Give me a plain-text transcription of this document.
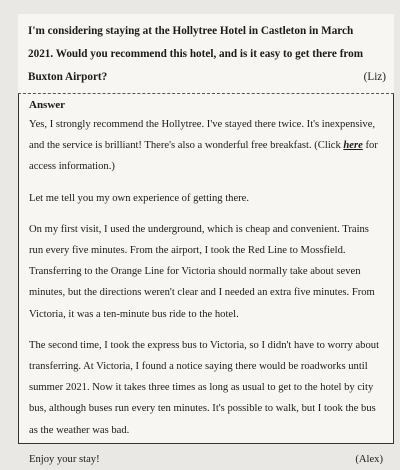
I'm considering staying at the Hollytree Hotel in Castleton in March
2021. Would you recommend this hotel, and is it easy to get there from
Buxton Airport?	(Liz)
Answer

Yes, I strongly recommend the Hollytree. I've stayed there twice. It's inexpensive, and the service is brilliant! There's also a wonderful free breakfast. (Click here for access information.)

Let me tell you my own experience of getting there.

On my first visit, I used the underground, which is cheap and convenient. Trains run every five minutes. From the airport, I took the Red Line to Mossfield. Transferring to the Orange Line for Victoria should normally take about seven minutes, but the directions weren't clear and I needed an extra five minutes. From Victoria, it was a ten-minute bus ride to the hotel.

The second time, I took the express bus to Victoria, so I didn't have to worry about transferring. At Victoria, I found a notice saying there would be roadworks until summer 2021. Now it takes three times as long as usual to get to the hotel by city bus, although buses run every ten minutes. It's possible to walk, but I took the bus as the weather was bad.

Enjoy your stay!	(Alex)
